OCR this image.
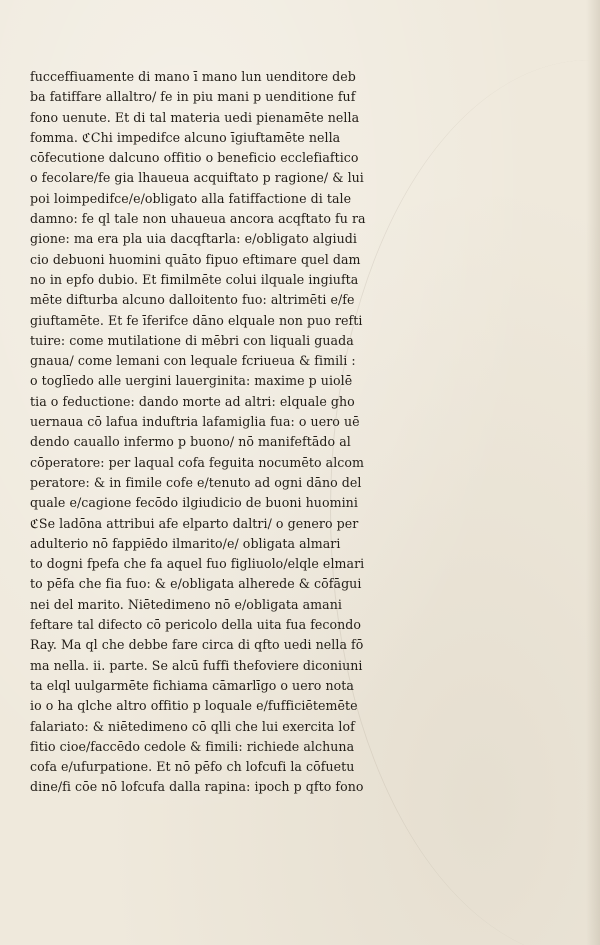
fucceffiuamente di mano ī mano lun uenditore deb
ba fatiffare allaltro/ fe in piu mani p uenditione fuf
fono uenute. Et di tal materia uedi pienamēte nella
fomma. ℭChi impedifce alcuno īgiuftamēte nella
cōfecutione dalcuno offitio o beneficio ecclefiaftico
o fecolare/fe gia lhaueua acquiftato p ragione/ & lui
poi loimpedifce/e/obligato alla fatiffactione di tale
damno: fe ql tale non uhaueua ancora acqftato fu ra
gione: ma era pla uia dacqftarla: e/obligato algiudi
cio debuoni huomini quāto fipuo eftimare quel dam
no in epfo dubio. Et fimilmēte colui ilquale ingiufta
mēte difturba alcuno dalloitento fuo: altrimēti e/fe
giuftamēte. Et fe īferifce dāno elquale non puo refti
tuire: come mutilatione di mēbri con liquali guada
gnaua/ come lemani con lequale fcriueua & fimili :
o toglīedo alle uergini lauerginita: maxime p uiolē
tia o feductione: dando morte ad altri: elquale gho
uernaua cō lafua induftria lafamiglia fua: o uero uē
dendo cauallo infermo p buono/ nō manifeftādo al
cōperatore: per laqual cofa feguita nocumēto alcom
peratore: & in fimile cofe e/tenuto ad ogni dāno del
quale e/cagione fecōdo ilgiudicio de buoni huomini
ℭSe ladōna attribui afe elparto daltri/ o genero per
adulterio nō fappiēdo ilmarito/e/ obligata almari
to dogni fpefa che fa aquel fuo figliuolo/elqle elmari
to pēfa che fia fuo: & e/obligata alherede & cōfāgui
nei del marito. Niētedimeno nō e/obligata amani
feftare tal difecto cō pericolo della uita fua fecondo
Ray. Ma ql che debbe fare circa di qfto uedi nella fō
ma nella. ii. parte. Se alcū fuffi thefoviere diconiuni
ta elql uulgarmēte fichiama cāmarlīgo o uero nota
io o ha qlche altro offitio p loquale e/fufficiētemēte
falariato: & niētedimeno cō qlli che lui exercita lof
fitio cioe/faccēdo cedole & fimili: richiede alchuna
cofa e/ufurpatione. Et nō pēfo ch lofcufi la cōfuetu
dine/fi cōe nō lofcufa dalla rapina: ipoch p qfto fono
